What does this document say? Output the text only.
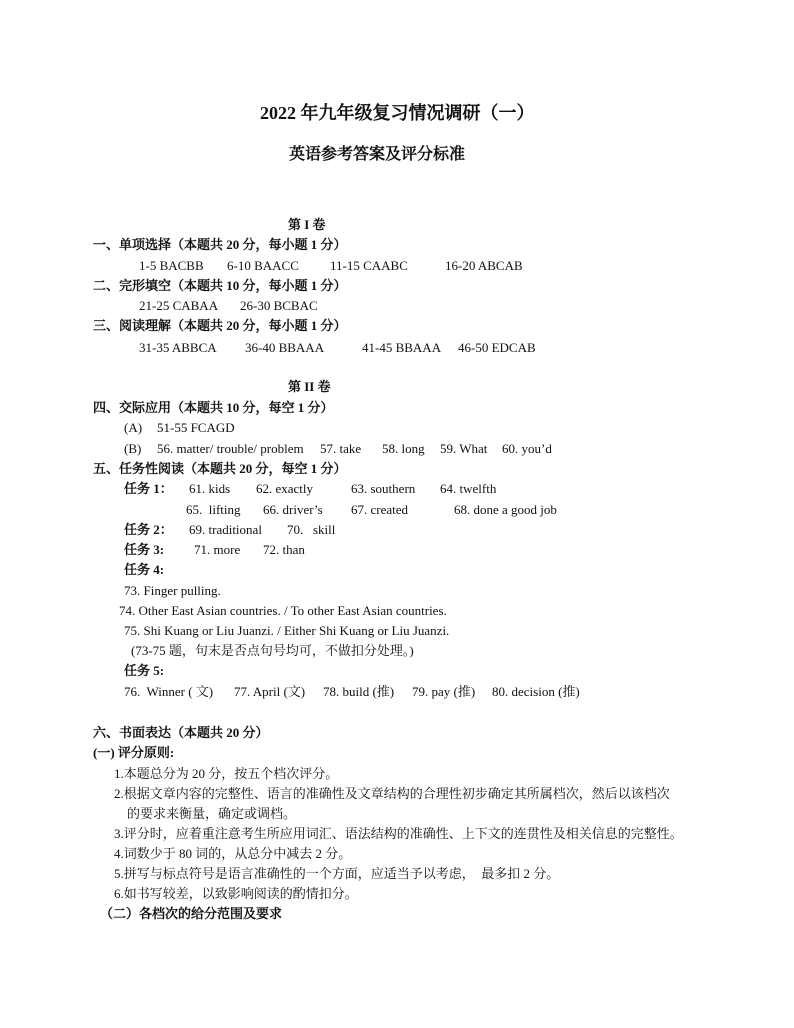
2022 年九年级复习情况调研（一）
英语参考答案及评分标准
第 I 卷
一、单项选择（本题共 20 分，每小题 1 分）
1-5 BACBB 6-10 BAACC 11-15 CAABC	16-20 ABCAB
二、完形填空（本题共 10 分，每小题 1 分）
21-25 CABAA 26-30 BCBAC
三、阅读理解（本题共 20 分，每小题 1 分）
31-35 ABBCA 36-40 BBAAA	41-45 BBAAA 46-50 EDCAB
第 II 卷
四、交际应用（本题共 10 分，每空 1 分）
(A) 51-55 FCAGD
(B) 56. matter/ trouble/ problem 57. take 58. long 59. What 60. you’d
五、任务性阅读（本题共 20 分，每空 1 分）
任务 1： 61. kids 62. exactly	63. southern 64. twelfth
65.  lifting 66. driver’s 67. created	68. done a good job
任务 2： 69. traditional 70.   skill
任务 3: 71. more 72. than
任务 4:
73. Finger pulling.
74. Other East Asian countries. / To other East Asian countries.
75. Shi Kuang or Liu Juanzi. / Either Shi Kuang or Liu Juanzi.
(73-75 题，句末是否点句号均可，不做扣分处理。)
任务 5:
76.  Winner ( 文) 77. April (文) 78. build (推) 79. pay (推) 80. decision (推)
六、书面表达（本题共 20 分）
(一) 评分原则:
1.本题总分为 20 分，按五个档次评分。
2.根据文章内容的完整性、语言的准确性及文章结构的合理性初步确定其所属档次，然后以该档次
的要求来衡量，确定或调档。
3.评分时，应着重注意考生所应用词汇、语法结构的准确性、上下文的连贯性及相关信息的完整性。
4.词数少于 80 词的，从总分中减去 2 分。
5.拼写与标点符号是语言准确性的一个方面，应适当予以考虑，  最多扣 2 分。
6.如书写较差，以致影响阅读的酌情扣分。
（二）各档次的给分范围及要求
